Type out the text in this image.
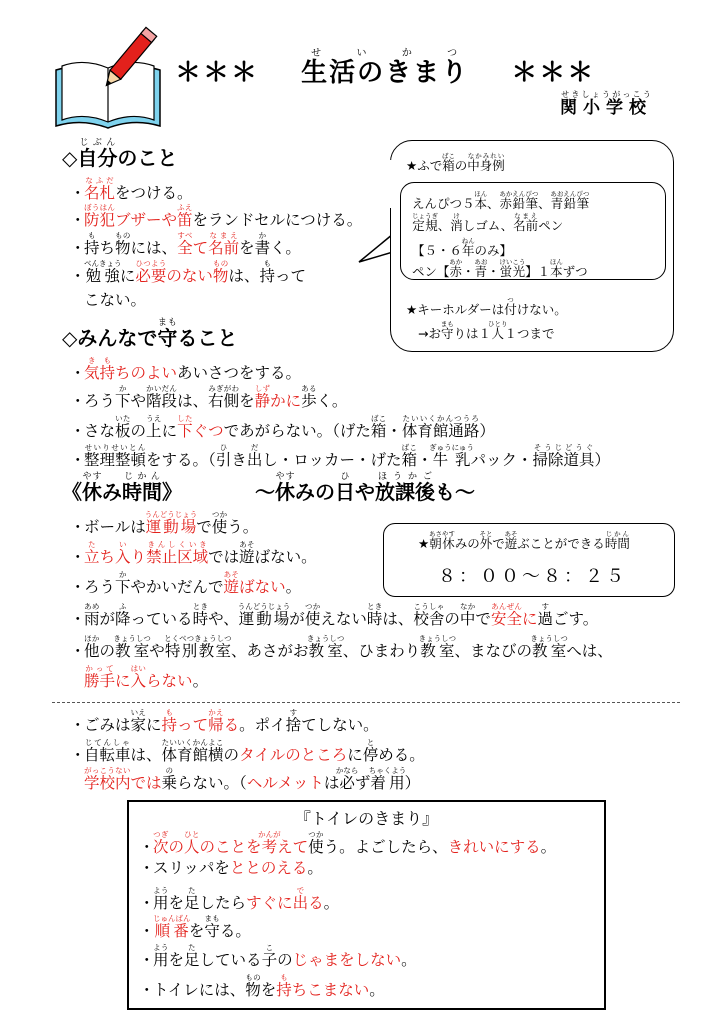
＊＊＊ 生活のきまりせいかつ  ＊＊＊
関小学校せきしょうがっこう
◇自分じぶんのこと
・名札なふだをつける。
・防犯ぼうはんブザーや笛ふえをランドセルにつける。
・持もち物ものには、全すべて名前なまえを書かく。
・勉強べんきょうに必要ひつようのない物ものは、持もって
こない。
★ふで箱ばこの中身例なかみれい
えんぴつ５本ほん、赤鉛筆あかえんぴつ、青鉛筆あおえんぴつ
定規じょうぎ、消けしゴム、名前なまえペン
【５・６年ねんのみ】
ペン【赤あか・青あお・蛍光けいこう】１本ほんずつ
★キーホルダーは付つけない。
→お守まもりは１人ひとり１つまで
◇みんなで守まもること
・気持きもちのよいあいさつをする。
・ろう下かや階段かいだんは、右側みぎがわを静しずかに歩あるく。
・さな板いたの上うえに下したぐつであがらない。（げた箱ばこ・体育館通路たいいくかんつうろ）
・整理整頓せいりせいとんをする。（引ひき出だし・ロッカー・げた箱ばこ・牛乳ぎゅうにゅうパック・掃除道具そうじどうぐ）
《休やすみ時間じかん》	～休やすみの日ひや放課後ほうかごも～
・ボールは運動場うんどうじょうで使つかう。
・立たち入いり禁止区域きんしくいきでは遊あそばない。
・ろう下かやかいだんで遊あそばない。
★朝休あさやすみの外そとで遊あそぶことができる時間じかん
８：００～８：２５
・雨あめが降ふっている時ときや、運動場うんどうじょうが使つかえない時ときは、校舎こうしゃの中なかで安全あんぜんに過すごす。
・他ほかの教室きょうしつや特別教室とくべつきょうしつ、あさがお教室きょうしつ、ひまわり教室きょうしつ、まなびの教室きょうしつへは、
勝手かってに入はいらない。
・ごみは家いえに持もって帰かえる。ポイ捨すてしない。
・自転車じてんしゃは、体育館横たいいくかんよこのタイルのところに停とめる。
学校内がっこうないでは乗のらない。（ヘルメットは必かならず着用ちゃくよう）
『トイレのきまり』
・次つぎの人ひとのことを考かんがえて使つかう。よごしたら、きれいにする。
・スリッパをととのえる。
・用ようを足たしたらすぐに出でる。
・順番じゅんばんを守まもる。
・用ようを足たしている子このじゃまをしない。
・トイレには、物ものを持もちこまない。
